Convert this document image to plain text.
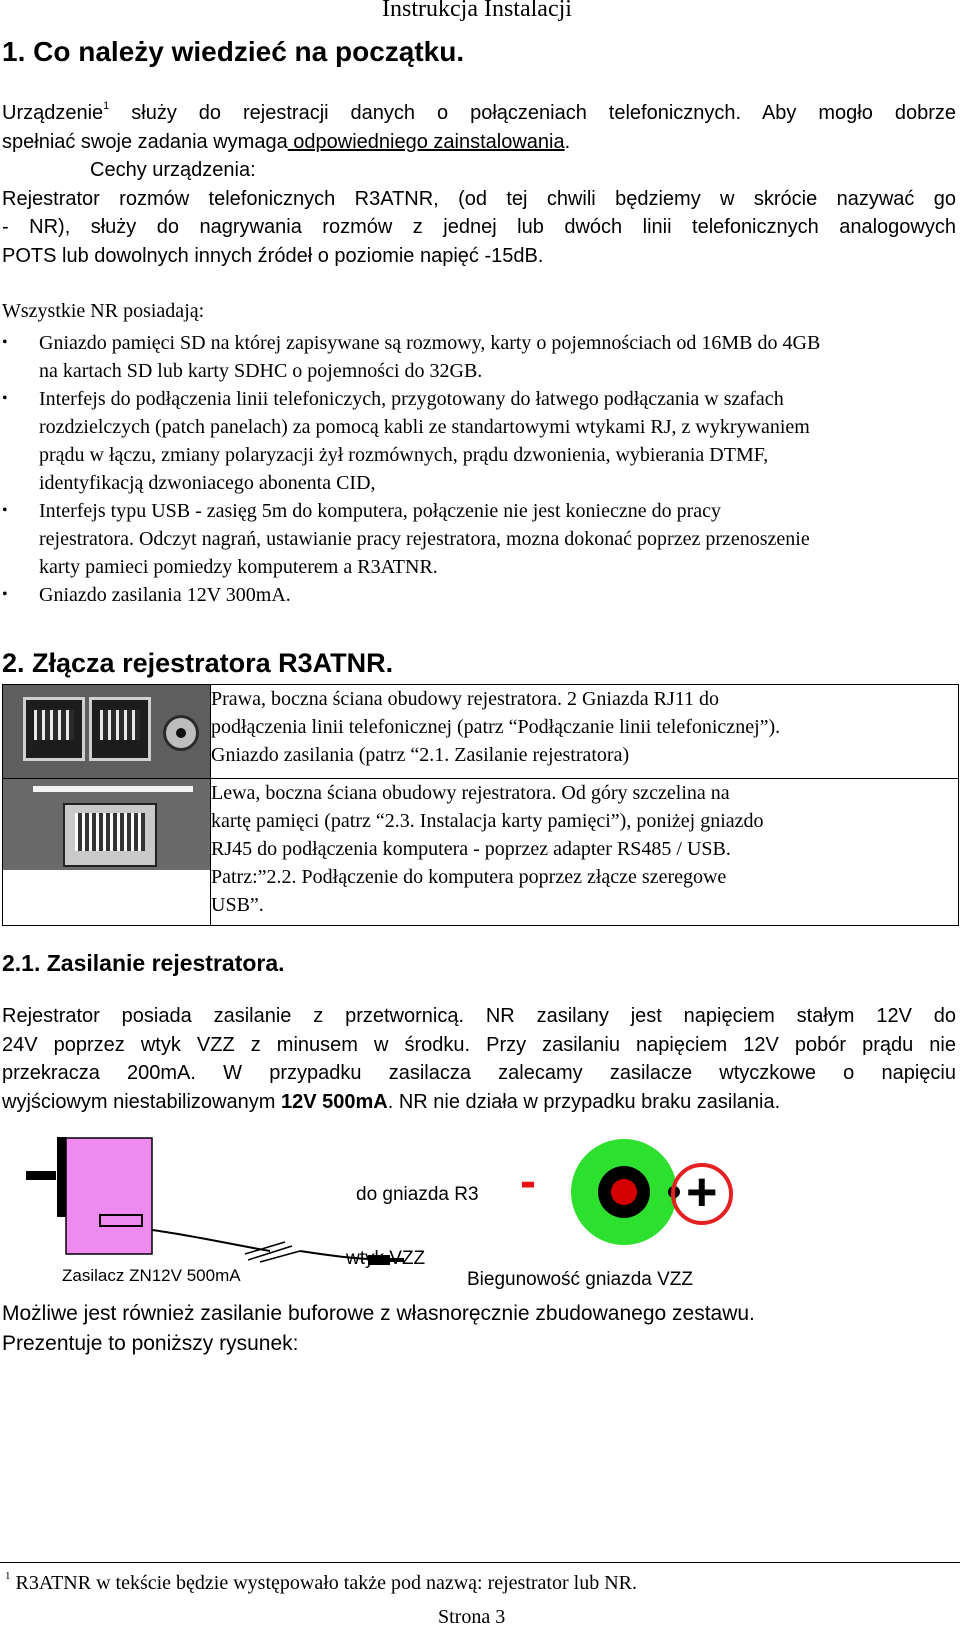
Instrukcja Instalacji
1. Co należy wiedzieć na początku.
Urządzenie$^1$ służy do rejestracji danych o połączeniach telefonicznych. Aby mogło dobrze
spełniać swoje zadania wymaga odpowiedniego zainstalowania.
Cechy urządzenia:
Rejestrator rozmów telefonicznych R3ATNR, (od tej chwili będziemy w skrócie nazywać go
- NR), służy do nagrywania rozmów z jednej lub dwóch linii telefonicznych analogowych
POTS lub dowolnych innych źródeł o poziomie napięć -15dB.
Wszystkie NR posiadają:
• Gniazdo pamięci SD na której zapisywane są rozmowy, karty o pojemnościach od 16MB do 4GB
na kartach SD lub karty SDHC o pojemności do 32GB.
• Interfejs do podłączenia linii telefoniczych, przygotowany do łatwego podłączania w szafach
rozdzielczych (patch panelach) za pomocą kabli ze standartowymi wtykami RJ, z wykrywaniem
prądu w łączu, zmiany polaryzacji żył rozmównych, prądu dzwonienia, wybierania DTMF,
identyfikacją dzwoniacego abonenta CID,
• Interfejs typu USB - zasięg 5m do komputera, połączenie nie jest konieczne do pracy
rejestratora. Odczyt nagrań, ustawianie pracy rejestratora, mozna dokonać poprzez przenoszenie
karty pamieci pomiedzy komputerem a R3ATNR.
• Gniazdo zasilania 12V 300mA.
2. Złącza rejestratora R3ATNR.

	Prawa, boczna ściana obudowy rejestratora. 2 Gniazda RJ11 do
podłączenia linii telefonicznej (patrz “Podłączanie linii telefonicznej”).
Gniazdo zasilania (patrz “2.1. Zasilanie rejestratora)

	Lewa, boczna ściana obudowy rejestratora. Od góry szczelina na
kartę pamięci (patrz “2.3. Instalacja karty pamięci”), poniżej gniazdo
RJ45 do podłączenia komputera - poprzez adapter RS485 / USB.
Patrz:”2.2. Podłączenie do komputera poprzez złącze szeregowe
USB”.
2.1. Zasilanie rejestratora.
Rejestrator posiada zasilanie z przetwornicą. NR zasilany jest napięciem stałym 12V do
24V poprzez wtyk VZZ z minusem w środku. Przy zasilaniu napięciem 12V pobór prądu nie
przekracza 200mA. W przypadku zasilacza zalecamy zasilacze wtyczkowe o napięciu
wyjściowym niestabilizowanym 12V 500mA. NR nie działa w przypadku braku zasilania.
Zasilacz ZN12V 500mA
do gniazda R3
wtyk VZZ
Biegunowość gniazda VZZ
-	+
Możliwe jest również zasilanie buforowe z własnoręcznie zbudowanego zestawu.
Prezentuje to poniższy rysunek:
$^1$ R3ATNR w tekście będzie występowało także pod nazwą: rejestrator lub NR.
Strona 3
